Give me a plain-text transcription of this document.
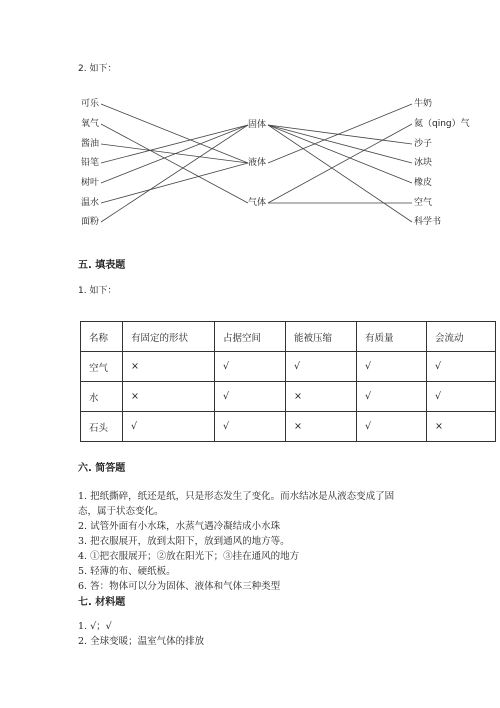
2. 如下：
可乐
氧气
酱油
铅笔
树叶
温水
面粉
固体
液体
气体
牛奶
氦（qing）气
沙子
冰块
橡皮
空气
科学书
五. 填表题
1. 如下：
名称	有固定的形状	占据空间	能被压缩	有质量	会流动
空气	×	√	√	√	√
水	×	√	×	√	√
石头	√	√	×	√	×
六. 简答题
1. 把纸撕碎，纸还是纸，只是形态发生了变化。而水结冰是从液态变成了固
态，属于状态变化。
2. 试管外面有小水珠，水蒸气遇冷凝结成小水珠
3. 把衣服展开，放到太阳下，放到通风的地方等。
4. ①把衣服展开；②放在阳光下；③挂在通风的地方
5. 轻薄的布、硬纸板。
6. 答：物体可以分为固体、液体和气体三种类型
七. 材料题
1. √；√
2. 全球变暖；温室气体的排放
